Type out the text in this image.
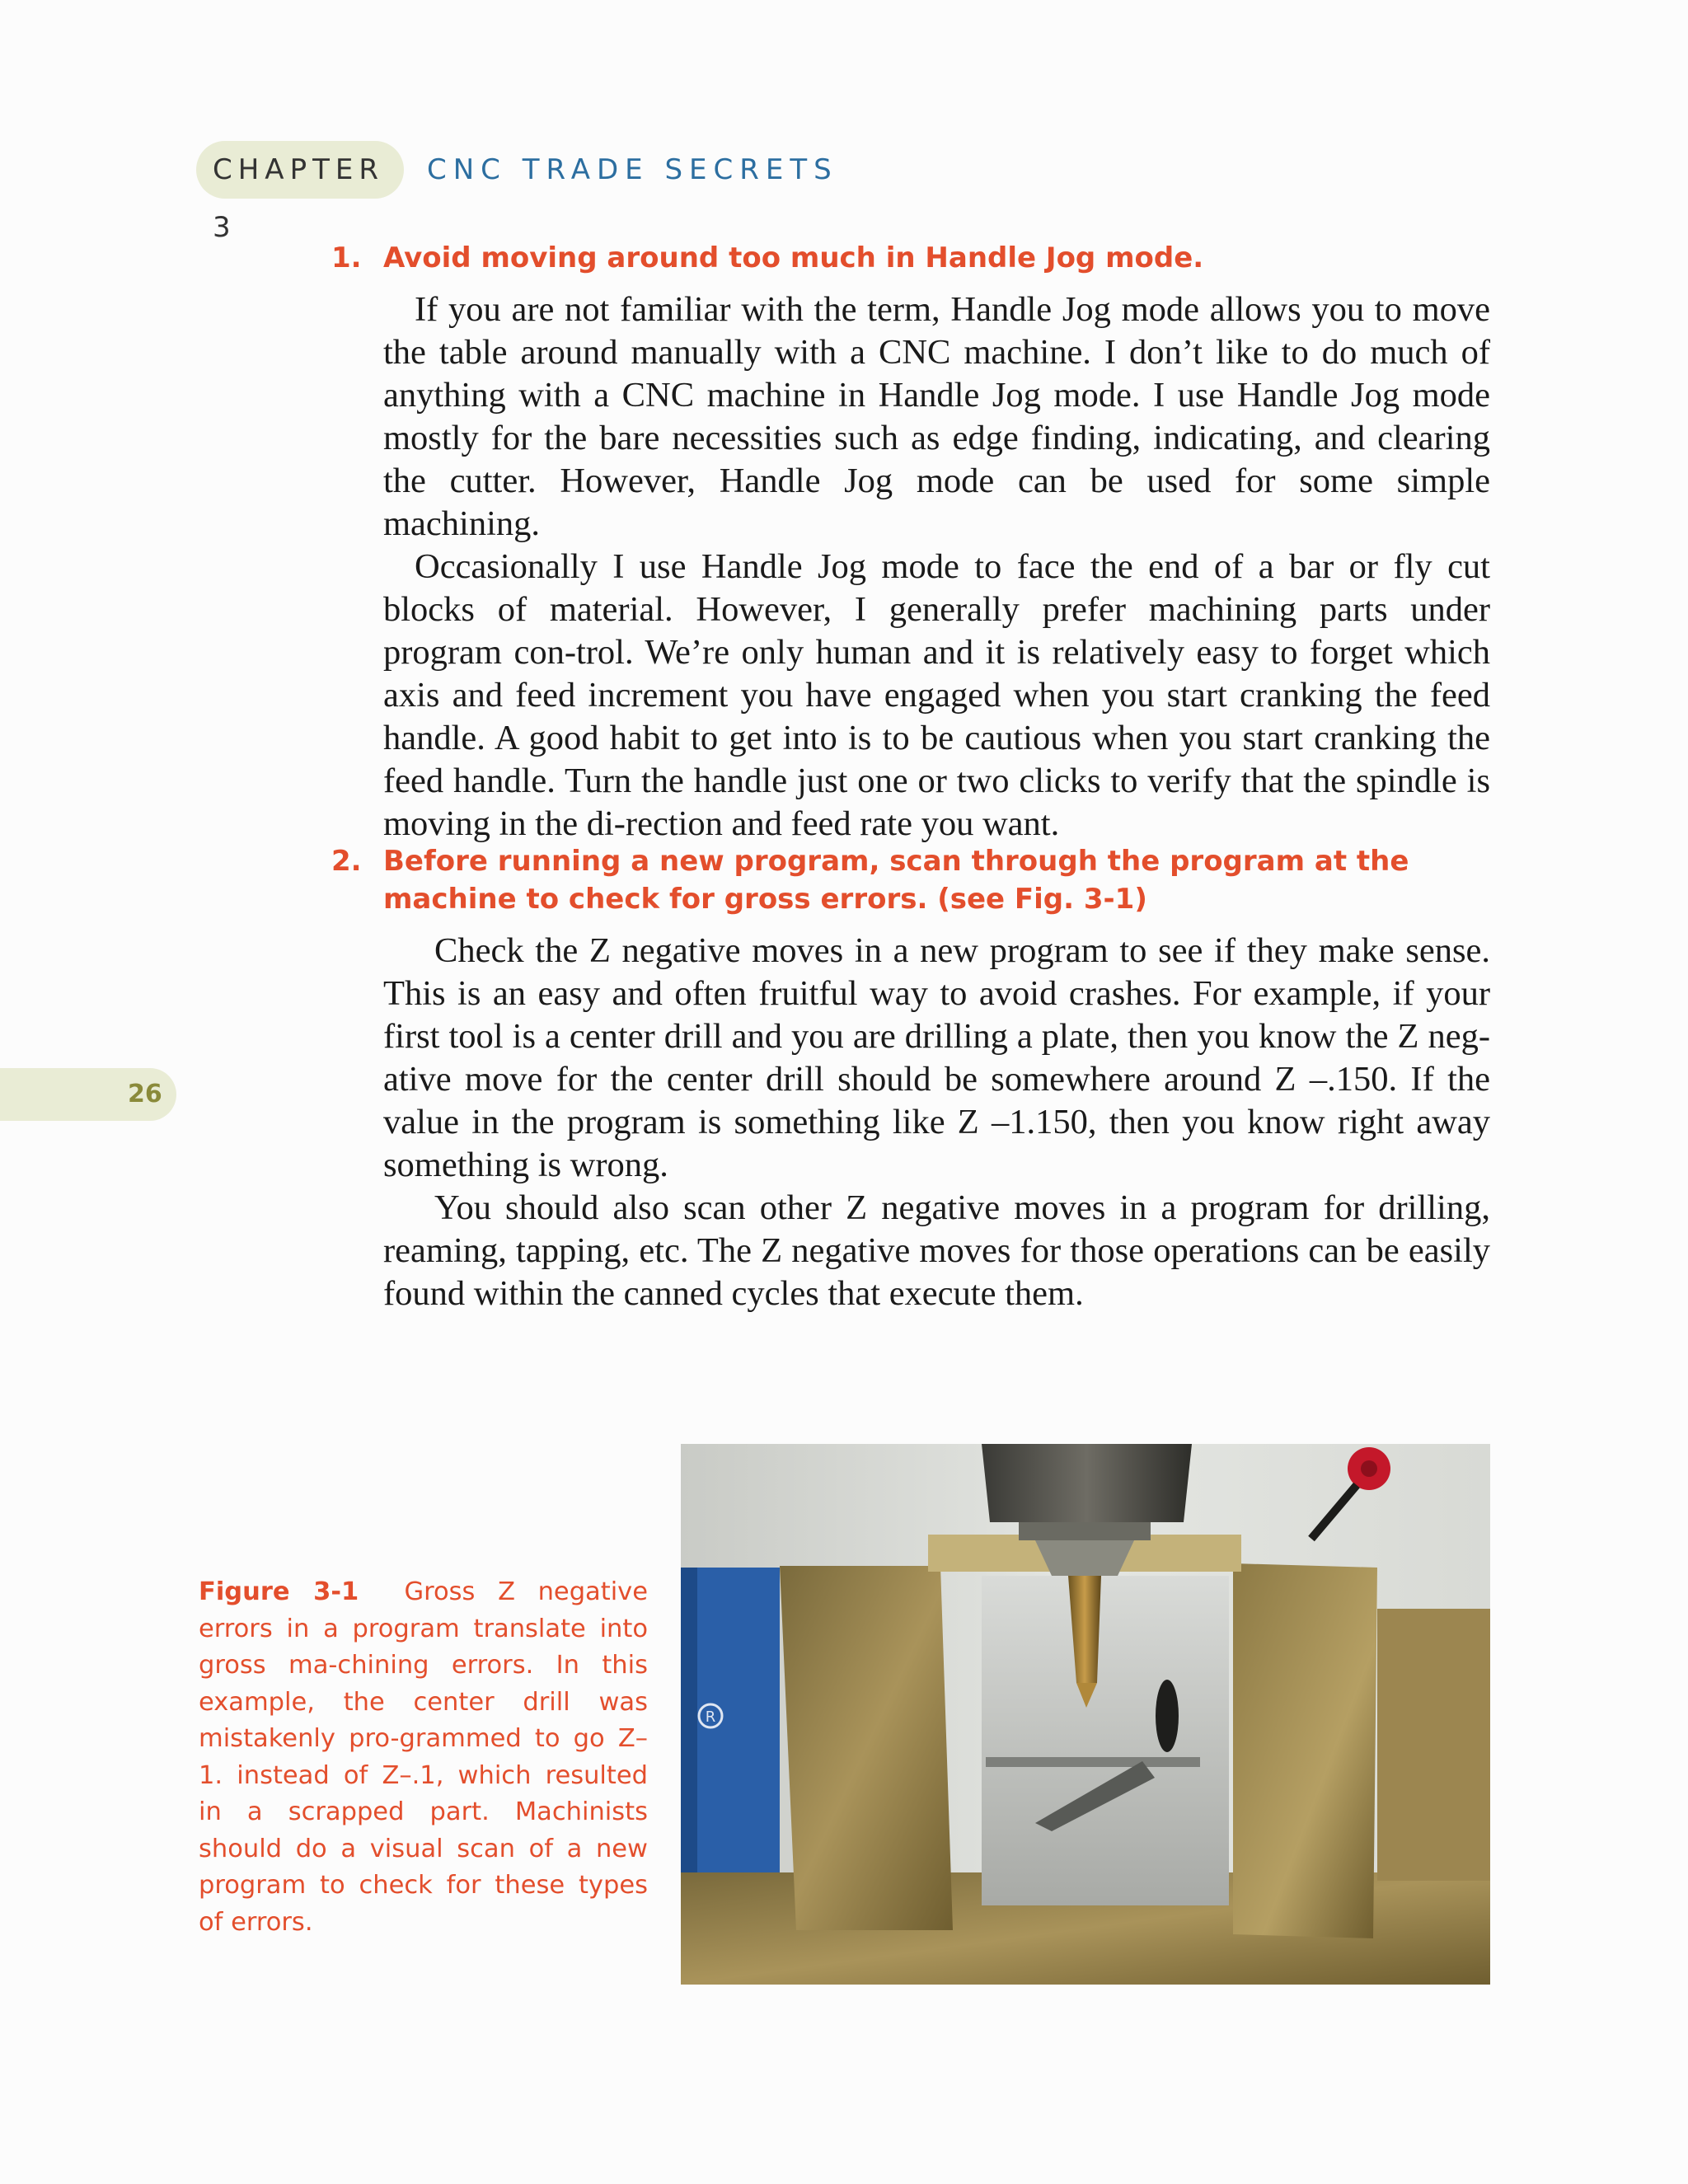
CHAPTER 3
CNC TRADE SECRETS
1. Avoid moving around too much in Handle Jog mode.

If you are not familiar with the term, Handle Jog mode allows you to move the table around manually with a CNC machine. I don’t like to do much of anything with a CNC machine in Handle Jog mode. I use Handle Jog mode mostly for the bare necessities such as edge finding, indicating, and clearing the cutter. However, Handle Jog mode can be used for some simple machining.

Occasionally I use Handle Jog mode to face the end of a bar or fly cut blocks of material. However, I generally prefer machining parts under program con-trol. We’re only human and it is relatively easy to forget which axis and feed increment you have engaged when you start cranking the feed handle. A good habit to get into is to be cautious when you start cranking the feed handle. Turn the handle just one or two clicks to verify that the spindle is moving in the di-rection and feed rate you want.

2. Before running a new program, scan through the program at the machine to check for gross errors. (see Fig. 3-1)

Check the Z negative moves in a new program to see if they make sense. This is an easy and often fruitful way to avoid crashes. For example, if your first tool is a center drill and you are drilling a plate, then you know the Z neg-ative move for the center drill should be somewhere around Z –.150. If the value in the program is something like Z –1.150, then you know right away something is wrong.

You should also scan other Z negative moves in a program for drilling, reaming, tapping, etc. The Z negative moves for those operations can be easily found within the canned cycles that execute them.

26
Figure 3-1 Gross Z negative errors in a program translate into gross ma-chining errors. In this example, the center drill was mistakenly pro-grammed to go Z–1. instead of Z–.1, which resulted in a scrapped part. Machinists should do a visual scan of a new program to check for these types of errors.
R
